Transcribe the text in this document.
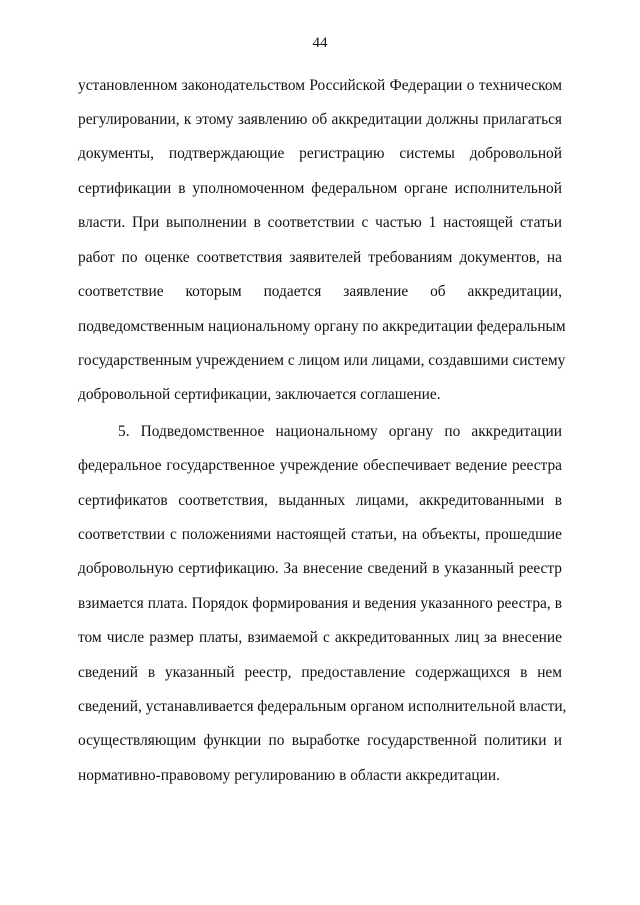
44
установленном законодательством Российской Федерации о техническом
регулировании, к этому заявлению об аккредитации должны прилагаться
документы, подтверждающие регистрацию системы добровольной
сертификации в уполномоченном федеральном органе исполнительной
власти. При выполнении в соответствии с частью 1 настоящей статьи
работ по оценке соответствия заявителей требованиям документов, на
соответствие которым подается заявление об аккредитации,
подведомственным национальному органу по аккредитации федеральным
государственным учреждением с лицом или лицами, создавшими систему
добровольной сертификации, заключается соглашение.
5. Подведомственное национальному органу по аккредитации
федеральное государственное учреждение обеспечивает ведение реестра
сертификатов соответствия, выданных лицами, аккредитованными в
соответствии с положениями настоящей статьи, на объекты, прошедшие
добровольную сертификацию. За внесение сведений в указанный реестр
взимается плата. Порядок формирования и ведения указанного реестра, в
том числе размер платы, взимаемой с аккредитованных лиц за внесение
сведений в указанный реестр, предоставление содержащихся в нем
сведений, устанавливается федеральным органом исполнительной власти,
осуществляющим функции по выработке государственной политики и
нормативно-правовому регулированию в области аккредитации.
